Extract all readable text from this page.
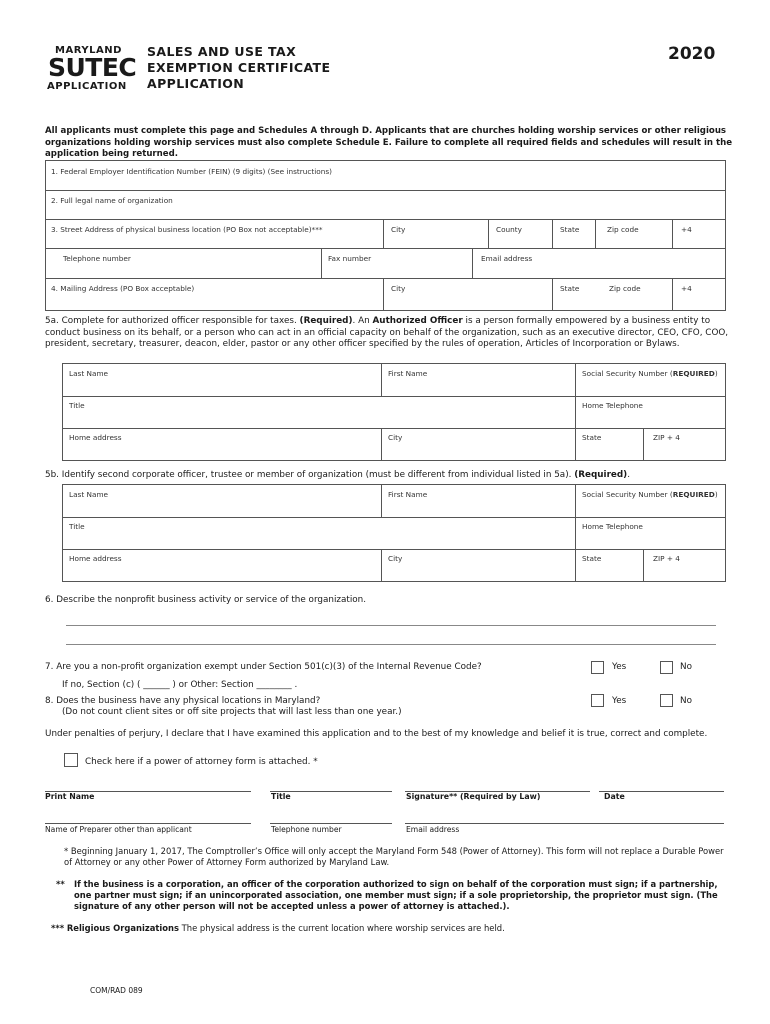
MARYLAND
SUTEC
APPLICATION
SALES AND USE TAX
EXEMPTION CERTIFICATE
APPLICATION
2020
All applicants must complete this page and Schedules A through D. Applicants that are churches holding worship services or other religious organizations holding worship services must also complete Schedule E. Failure to complete all required fields and schedules will result in the application being returned.
1. Federal Employer Identification Number (FEIN) (9 digits) (See instructions)
2. Full legal name of organization
3. Street Address of physical business location (PO Box not acceptable)***	City	County	State	Zip code	+4
Telephone number	Fax number	Email address
4. Mailing Address (PO Box acceptable)	City	State	Zip code	+4
5a. Complete for authorized officer responsible for taxes. (Required). An Authorized Officer is a person formally empowered by a business entity to conduct business on its behalf, or a person who can act in an official capacity on behalf of the organization, such as an executive director, CEO, CFO, COO, president, secretary, treasurer, deacon, elder, pastor or any other officer specified by the rules of operation, Articles of Incorporation or Bylaws.
Last Name	First Name	Social Security Number (REQUIRED)
Title	Home Telephone
Home address	City	State	ZIP + 4
5b. Identify second corporate officer, trustee or member of organization (must be different from individual listed in 5a). (Required).
Last Name	First Name	Social Security Number (REQUIRED)
Title	Home Telephone
Home address	City	State	ZIP + 4
6. Describe the nonprofit business activity or service of the organization.
7. Are you a non-profit organization exempt under Section 501(c)(3) of the Internal Revenue Code?	Yes	No
If no, Section (c) ( ______ ) or Other: Section ________ .
8. Does the business have any physical locations in Maryland?
(Do not count client sites or off site projects that will last less than one year.)
Yes	No
Under penalties of perjury, I declare that I have examined this application and to the best of my knowledge and belief it is true, correct and complete.
Check here if a power of attorney form is attached. *
Print Name	Title	Signature** (Required by Law)	Date
Name of Preparer other than applicant	Telephone number	Email address
* Beginning January 1, 2017, The Comptroller’s Office will only accept the Maryland Form 548 (Power of Attorney). This form will not replace a Durable Power of Attorney or any other Power of Attorney Form authorized by Maryland Law.
** If the business is a corporation, an officer of the corporation authorized to sign on behalf of the corporation must sign; if a partnership, one partner must sign; if an unincorporated association, one member must sign; if a sole proprietorship, the proprietor must sign. (The signature of any other person will not be accepted unless a power of attorney is attached.).
*** Religious Organizations The physical address is the current location where worship services are held.
COM/RAD 089
